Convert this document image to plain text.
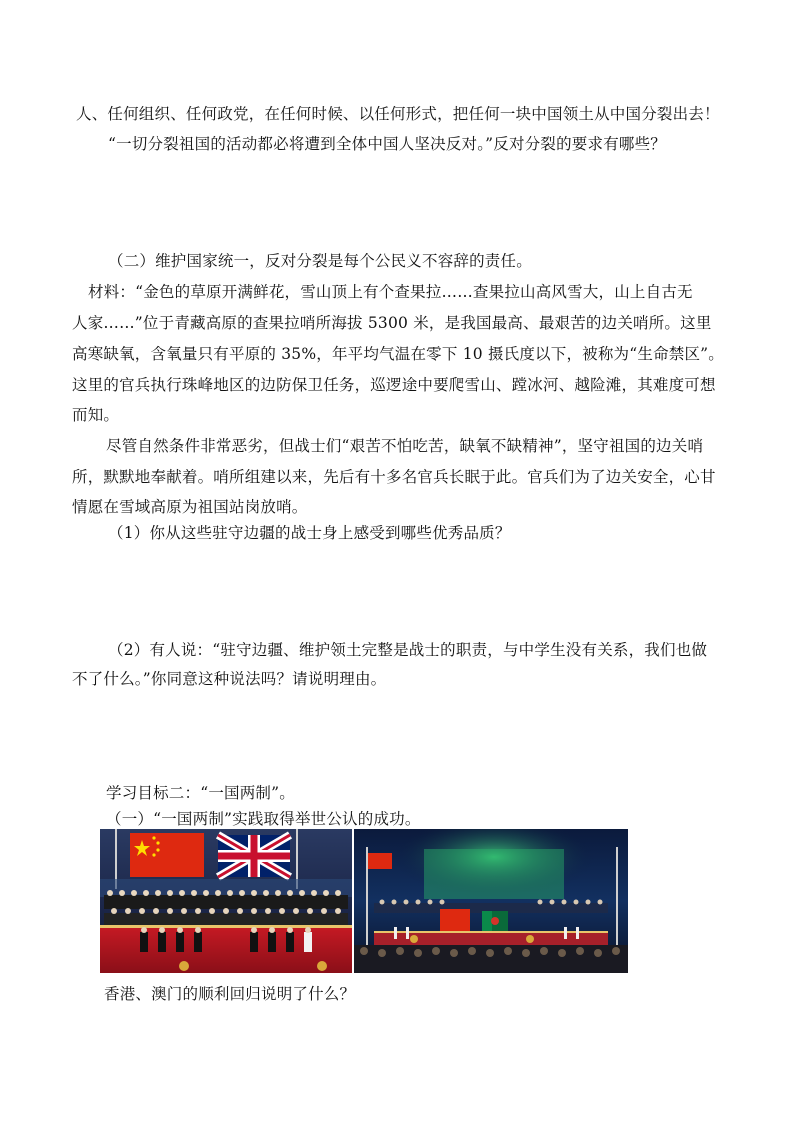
人、任何组织、任何政党，在任何时候、以任何形式，把任何一块中国领土从中国分裂出去！
“一切分裂祖国的活动都必将遭到全体中国人坚决反对。”反对分裂的要求有哪些？
（二）维护国家统一，反对分裂是每个公民义不容辞的责任。
材料：“金色的草原开满鲜花，雪山顶上有个查果拉……查果拉山高风雪大，山上自古无
人家……”位于青藏高原的查果拉哨所海拔 5300 米，是我国最高、最艰苦的边关哨所。这里
高寒缺氧，含氧量只有平原的 35%，年平均气温在零下 10 摄氏度以下，被称为“生命禁区”。
这里的官兵执行珠峰地区的边防保卫任务，巡逻途中要爬雪山、蹚冰河、越险滩，其难度可想
而知。
尽管自然条件非常恶劣，但战士们“艰苦不怕吃苦，缺氧不缺精神”，坚守祖国的边关哨
所，默默地奉献着。哨所组建以来，先后有十多名官兵长眠于此。官兵们为了边关安全，心甘
情愿在雪域高原为祖国站岗放哨。
（1）你从这些驻守边疆的战士身上感受到哪些优秀品质？
（2）有人说：“驻守边疆、维护领土完整是战士的职责，与中学生没有关系，我们也做
不了什么。”你同意这种说法吗？请说明理由。
学习目标二：“一国两制”。
（一）“一国两制”实践取得举世公认的成功。
香港、澳门的顺利回归说明了什么？
